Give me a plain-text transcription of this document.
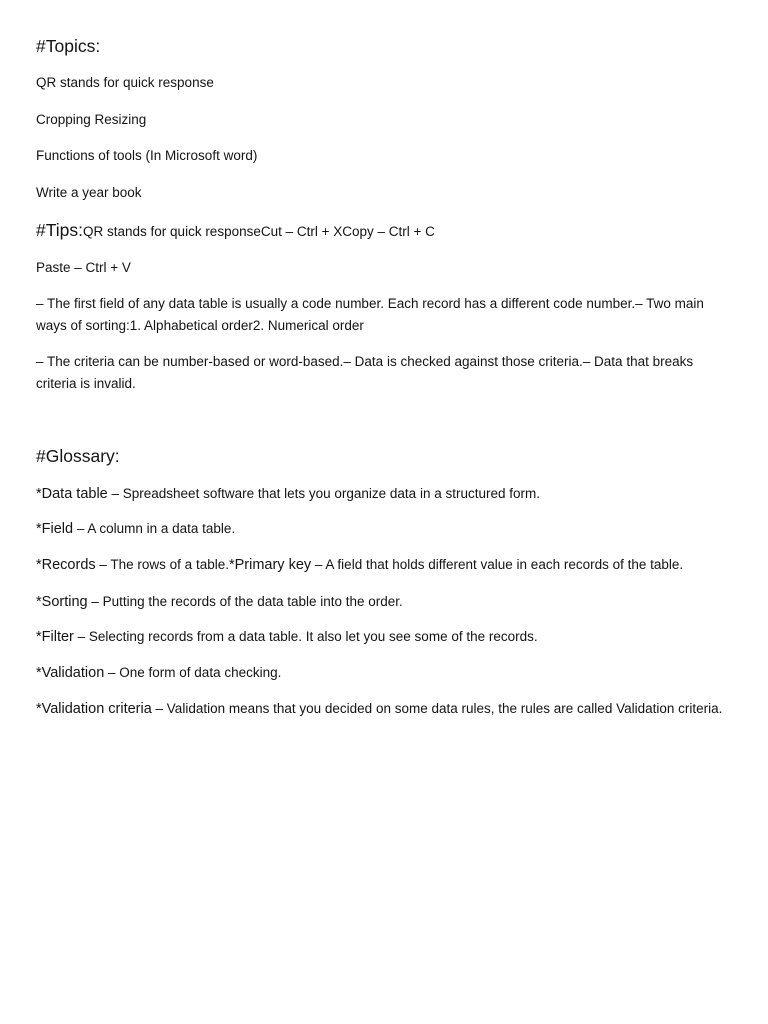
#Topics:

QR stands for quick response

Cropping Resizing

Functions of tools (In Microsoft word)

Write a year book

#Tips:QR stands for quick responseCut – Ctrl + XCopy – Ctrl + C

Paste – Ctrl + V

– The first field of any data table is usually a code number. Each record has a different code number.– Two main ways of sorting:1. Alphabetical order2. Numerical order

– The criteria can be number-based or word-based.– Data is checked against those criteria.– Data that breaks criteria is invalid.

#Glossary:

*Data table – Spreadsheet software that lets you organize data in a structured form.

*Field – A column in a data table.

*Records – The rows of a table.*Primary key – A field that holds different value in each records of the table.

*Sorting – Putting the records of the data table into the order.

*Filter – Selecting records from a data table. It also let you see some of the records.

*Validation – One form of data checking.

*Validation criteria – Validation means that you decided on some data rules, the rules are called Validation criteria.
